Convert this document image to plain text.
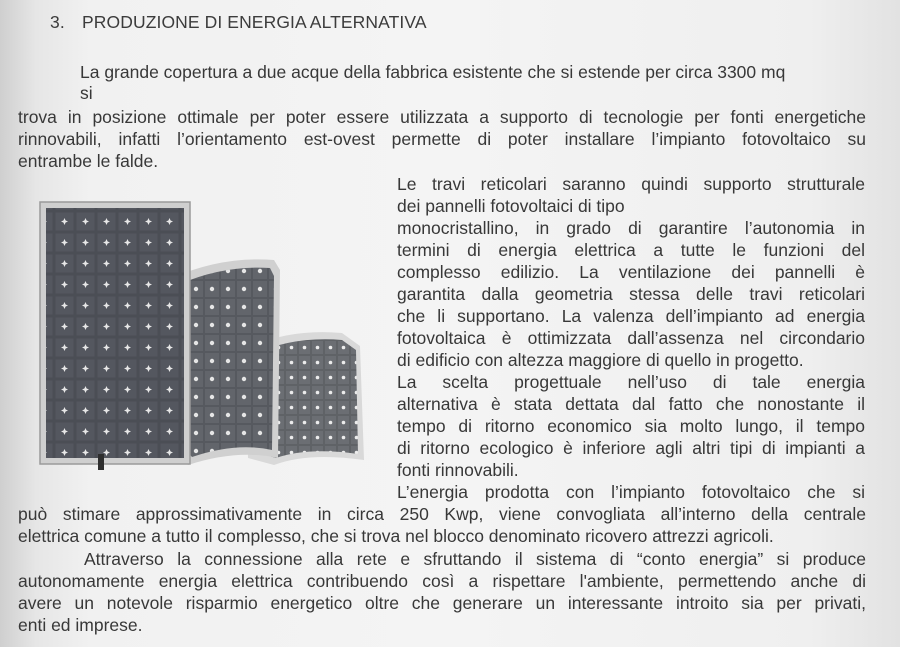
3. PRODUZIONE DI ENERGIA ALTERNATIVA
La grande copertura a due acque della fabbrica esistente che si estende per circa 3300 mq
si
trova in posizione ottimale per poter essere utilizzata a supporto di tecnologie per fonti energetiche
rinnovabili, infatti l’orientamento est-ovest permette di poter installare l’impianto fotovoltaico su
entrambe le falde.
Le travi reticolari saranno quindi supporto strutturale
dei pannelli fotovoltaici di tipo
monocristallino, in grado di garantire l’autonomia in
termini di energia elettrica a tutte le funzioni del
complesso edilizio. La ventilazione dei pannelli è
garantita dalla geometria stessa delle travi reticolari
che li supportano. La valenza dell’impianto ad energia
fotovoltaica è ottimizzata dall’assenza nel circondario
di edificio con altezza maggiore di quello in progetto.
La scelta progettuale nell’uso di tale energia
alternativa è stata dettata dal fatto che nonostante il
tempo di ritorno economico sia molto lungo, il tempo
di ritorno ecologico è inferiore agli altri tipi di impianti a
fonti rinnovabili.
L’energia prodotta con l’impianto fotovoltaico che si
può stimare approssimativamente in circa 250 Kwp, viene convogliata all’interno della centrale
elettrica comune a tutto il complesso, che si trova nel blocco denominato ricovero attrezzi agricoli.
Attraverso la connessione alla rete e sfruttando il sistema di “conto energia” si produce
autonomamente energia elettrica contribuendo così a rispettare l'ambiente, permettendo anche di
avere un notevole risparmio energetico oltre che generare un interessante introito sia per privati,
enti ed imprese.
